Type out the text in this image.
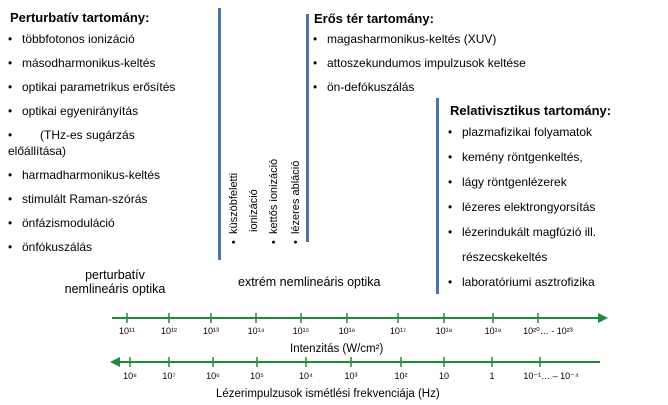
Perturbatív tartomány:
• többfotonos ionizáció
• másodharmonikus-keltés
• optikai parametrikus erősítés
• optikai egyenirányítás
• (THz-es sugárzás
előállítása)
• harmadharmonikus-keltés
• stimulált Raman-szórás
• önfázismoduláció
• önfókuszálás
perturbatív
nemlineáris optika
•  küszöbfeletti ionizáció
•  kettős ionizáció
•  lézeres abláció
Erős tér tartomány:
• magasharmonikus-keltés (XUV)
• attoszekundumos impulzusok keltése
• ön-defókuszálás
Relativisztikus tartomány:
• plazmafizikai folyamatok
• kemény röntgenkeltés,
• lágy röntgenlézerek
• lézeres elektrongyorsítás
• lézerindukált magfúzió ill.
részecskekeltés
• laboratóriumi asztrofizika
extrém nemlineáris optika
10¹¹	10¹²	10¹³	10¹⁴	10¹⁵	10¹⁶	10¹⁷	10¹⁸	10¹⁹ 10²⁰… - 10²³
Intenzitás (W/cm²)
10⁸	10⁷	10⁶	10⁵	10⁴	10³	10²	10	1	10⁻¹… – 10⁻⁴
Lézerimpulzusok ismétlési frekvenciája (Hz)
